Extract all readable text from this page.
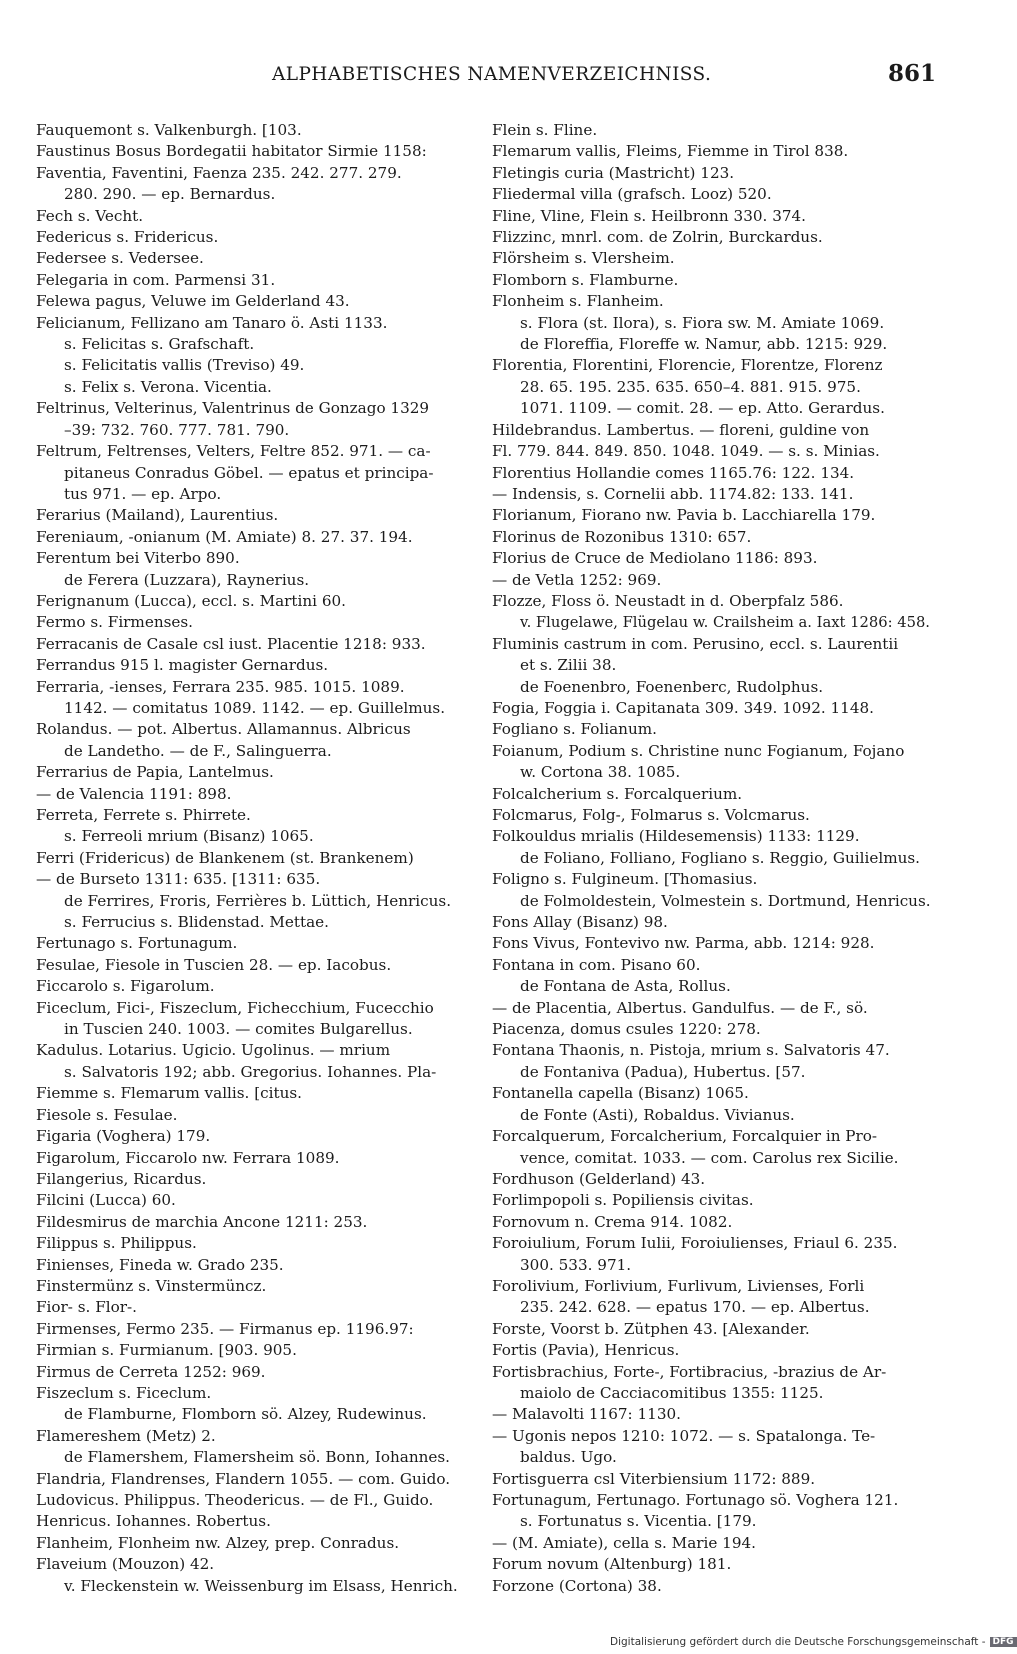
ALPHABETISCHES NAMENVERZEICHNISS.	861
Fauquemont s. Valkenburgh. [103.
Faustinus Bosus Bordegatii habitator Sirmie 1158:
Faventia, Faventini, Faenza 235. 242. 277. 279.
280. 290. — ep. Bernardus.
Fech s. Vecht.
Federicus s. Fridericus.
Federsee s. Vedersee.
Felegaria in com. Parmensi 31.
Felewa pagus, Veluwe im Gelderland 43.
Felicianum, Fellizano am Tanaro ö. Asti 1133.
s. Felicitas s. Grafschaft.
s. Felicitatis vallis (Treviso) 49.
s. Felix s. Verona. Vicentia.
Feltrinus, Velterinus, Valentrinus de Gonzago 1329
–39: 732. 760. 777. 781. 790.
Feltrum, Feltrenses, Velters, Feltre 852. 971. — ca-
pitaneus Conradus Göbel. — epatus et principa-
tus 971. — ep. Arpo.
Ferarius (Mailand), Laurentius.
Fereniaum, -onianum (M. Amiate) 8. 27. 37. 194.
Ferentum bei Viterbo 890.
de Ferera (Luzzara), Raynerius.
Ferignanum (Lucca), eccl. s. Martini 60.
Fermo s. Firmenses.
Ferracanis de Casale csl iust. Placentie 1218: 933.
Ferrandus 915 l. magister Gernardus.
Ferraria, -ienses, Ferrara 235. 985. 1015. 1089.
1142. — comitatus 1089. 1142. — ep. Guillelmus.
Rolandus. — pot. Albertus. Allamannus. Albricus
de Landetho. — de F., Salinguerra.
Ferrarius de Papia, Lantelmus.
— de Valencia 1191: 898.
Ferreta, Ferrete s. Phirrete.
s. Ferreoli mrium (Bisanz) 1065.
Ferri (Fridericus) de Blankenem (st. Brankenem)
— de Burseto 1311: 635. [1311: 635.
de Ferrires, Froris, Ferrières b. Lüttich, Henricus.
s. Ferrucius s. Blidenstad. Mettae.
Fertunago s. Fortunagum.
Fesulae, Fiesole in Tuscien 28. — ep. Iacobus.
Ficcarolo s. Figarolum.
Ficeclum, Fici-, Fiszeclum, Fichecchium, Fucecchio
in Tuscien 240. 1003. — comites Bulgarellus.
Kadulus. Lotarius. Ugicio. Ugolinus. — mrium
s. Salvatoris 192; abb. Gregorius. Iohannes. Pla-
Fiemme s. Flemarum vallis. [citus.
Fiesole s. Fesulae.
Figaria (Voghera) 179.
Figarolum, Ficcarolo nw. Ferrara 1089.
Filangerius, Ricardus.
Filcini (Lucca) 60.
Fildesmirus de marchia Ancone 1211: 253.
Filippus s. Philippus.
Finienses, Fineda w. Grado 235.
Finstermünz s. Vinstermüncz.
Fior- s. Flor-.
Firmenses, Fermo 235. — Firmanus ep. 1196.97:
Firmian s. Furmianum. [903. 905.
Firmus de Cerreta 1252: 969.
Fiszeclum s. Ficeclum.
de Flamburne, Flomborn sö. Alzey, Rudewinus.
Flamereshem (Metz) 2.
de Flamershem, Flamersheim sö. Bonn, Iohannes.
Flandria, Flandrenses, Flandern 1055. — com. Guido.
Ludovicus. Philippus. Theodericus. — de Fl., Guido.
Henricus. Iohannes. Robertus.
Flanheim, Flonheim nw. Alzey, prep. Conradus.
Flaveium (Mouzon) 42.
v. Fleckenstein w. Weissenburg im Elsass, Henrich.
Flein s. Fline.
Flemarum vallis, Fleims, Fiemme in Tirol 838.
Fletingis curia (Mastricht) 123.
Fliedermal villa (grafsch. Looz) 520.
Fline, Vline, Flein s. Heilbronn 330. 374.
Flizzinc, mnrl. com. de Zolrin, Burckardus.
Flörsheim s. Vlersheim.
Flomborn s. Flamburne.
Flonheim s. Flanheim.
s. Flora (st. Ilora), s. Fiora sw. M. Amiate 1069.
de Floreffia, Floreffe w. Namur, abb. 1215: 929.
Florentia, Florentini, Florencie, Florentze, Florenz
28. 65. 195. 235. 635. 650–4. 881. 915. 975.
1071. 1109. — comit. 28. — ep. Atto. Gerardus.
Hildebrandus. Lambertus. — floreni, guldine von
Fl. 779. 844. 849. 850. 1048. 1049. — s. s. Minias.
Florentius Hollandie comes 1165.76: 122. 134.
— Indensis, s. Cornelii abb. 1174.82: 133. 141.
Florianum, Fiorano nw. Pavia b. Lacchiarella 179.
Florinus de Rozonibus 1310: 657.
Florius de Cruce de Mediolano 1186: 893.
— de Vetla 1252: 969.
Flozze, Floss ö. Neustadt in d. Oberpfalz 586.
v. Flugelawe, Flügelau w. Crailsheim a. Iaxt 1286: 458.
Fluminis castrum in com. Perusino, eccl. s. Laurentii
et s. Zilii 38.
de Foenenbro, Foenenberc, Rudolphus.
Fogia, Foggia i. Capitanata 309. 349. 1092. 1148.
Fogliano s. Folianum.
Foianum, Podium s. Christine nunc Fogianum, Fojano
w. Cortona 38. 1085.
Folcalcherium s. Forcalquerium.
Folcmarus, Folg-, Folmarus s. Volcmarus.
Folkouldus mrialis (Hildesemensis) 1133: 1129.
de Foliano, Folliano, Fogliano s. Reggio, Guilielmus.
Foligno s. Fulgineum. [Thomasius.
de Folmoldestein, Volmestein s. Dortmund, Henricus.
Fons Allay (Bisanz) 98.
Fons Vivus, Fontevivo nw. Parma, abb. 1214: 928.
Fontana in com. Pisano 60.
de Fontana de Asta, Rollus.
— de Placentia, Albertus. Gandulfus. — de F., sö.
Piacenza, domus csules 1220: 278.
Fontana Thaonis, n. Pistoja, mrium s. Salvatoris 47.
de Fontaniva (Padua), Hubertus. [57.
Fontanella capella (Bisanz) 1065.
de Fonte (Asti), Robaldus. Vivianus.
Forcalquerum, Forcalcherium, Forcalquier in Pro-
vence, comitat. 1033. — com. Carolus rex Sicilie.
Fordhuson (Gelderland) 43.
Forlimpopoli s. Popiliensis civitas.
Fornovum n. Crema 914. 1082.
Foroiulium, Forum Iulii, Foroiulienses, Friaul 6. 235.
300. 533. 971.
Forolivium, Forlivium, Furlivum, Livienses, Forli
235. 242. 628. — epatus 170. — ep. Albertus.
Forste, Voorst b. Zütphen 43. [Alexander.
Fortis (Pavia), Henricus.
Fortisbrachius, Forte-, Fortibracius, -brazius de Ar-
maiolo de Cacciacomitibus 1355: 1125.
— Malavolti 1167: 1130.
— Ugonis nepos 1210: 1072. — s. Spatalonga. Te-
baldus. Ugo.
Fortisguerra csl Viterbiensium 1172: 889.
Fortunagum, Fertunago. Fortunago sö. Voghera 121.
s. Fortunatus s. Vicentia. [179.
— (M. Amiate), cella s. Marie 194.
Forum novum (Altenburg) 181.
Forzone (Cortona) 38.
Digitalisierung gefördert durch die Deutsche Forschungsgemeinschaft - DFG
